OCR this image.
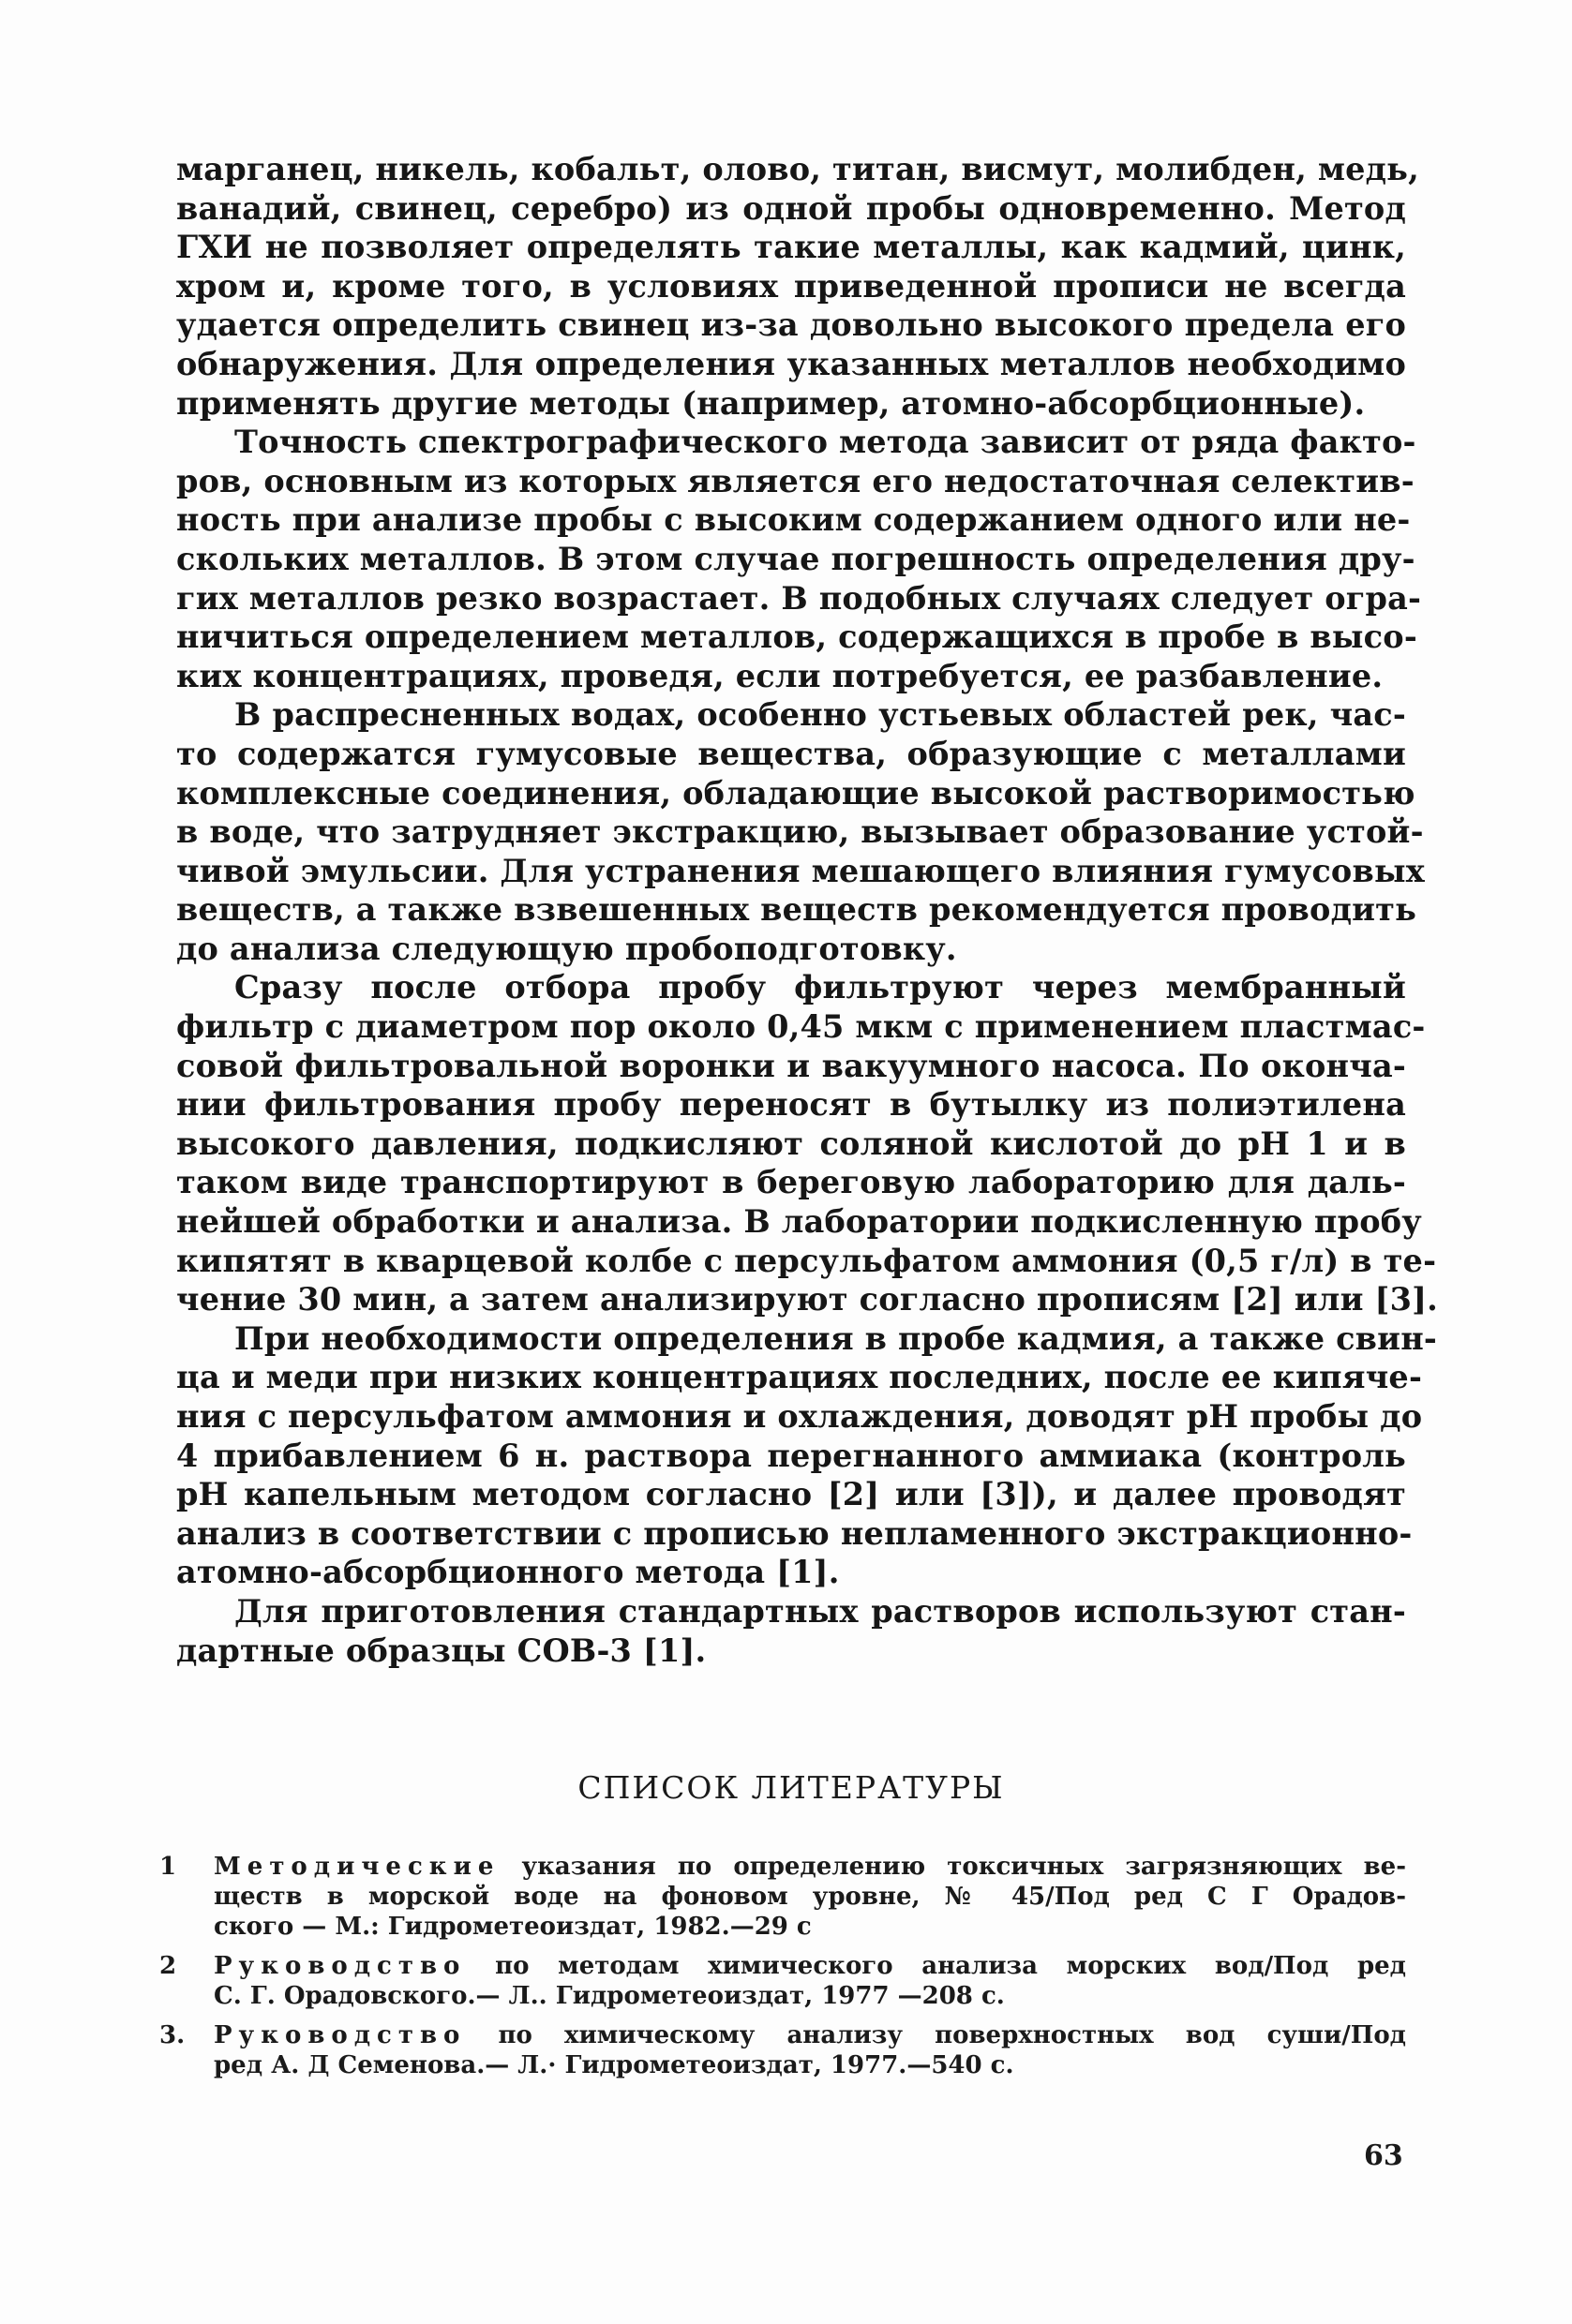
марганец, никель, кобальт, олово, титан, висмут, молибден, медь,
ванадий, свинец, серебро) из одной пробы одновременно. Метод
ГХИ не позволяет определять такие металлы, как кадмий, цинк,
хром и, кроме того, в условиях приведенной прописи не всегда
удается определить свинец из-за довольно высокого предела его
обнаружения. Для определения указанных металлов необходимо
применять другие методы (например, атомно-абсорбционные).

Точность спектрографического метода зависит от ряда факто-
ров, основным из которых является его недостаточная селектив-
ность при анализе пробы с высоким содержанием одного или не-
скольких металлов. В этом случае погрешность определения дру-
гих металлов резко возрастает. В подобных случаях следует огра-
ничиться определением металлов, содержащихся в пробе в высо-
ких концентрациях, проведя, если потребуется, ее разбавление.

В распресненных водах, особенно устьевых областей рек, час-
то содержатся гумусовые вещества, образующие с металлами
комплексные соединения, обладающие высокой растворимостью
в воде, что затрудняет экстракцию, вызывает образование устой-
чивой эмульсии. Для устранения мешающего влияния гумусовых
веществ, а также взвешенных веществ рекомендуется проводить
до анализа следующую пробоподготовку.

Сразу после отбора пробу фильтруют через мембранный
фильтр с диаметром пор около 0,45 мкм с применением пластмас-
совой фильтровальной воронки и вакуумного насоса. По оконча-
нии фильтрования пробу переносят в бутылку из полиэтилена
высокого давления, подкисляют соляной кислотой до рН 1 и в
таком виде транспортируют в береговую лабораторию для даль-
нейшей обработки и анализа. В лаборатории подкисленную пробу
кипятят в кварцевой колбе с персульфатом аммония (0,5 г/л) в те-
чение 30 мин, а затем анализируют согласно прописям [2] или [3].

При необходимости определения в пробе кадмия, а также свин-
ца и меди при низких концентрациях последних, после ее кипяче-
ния с персульфатом аммония и охлаждения, доводят рН пробы до
4 прибавлением 6 н. раствора перегнанного аммиака (контроль
рН капельным методом согласно [2] или [3]), и далее проводят
анализ в соответствии с прописью непламенного экстракционно-
атомно-абсорбционного метода [1].

Для приготовления стандартных растворов используют стан-
дартные образцы СОВ-3 [1].

СПИСОК ЛИТЕРАТУРЫ
1	Методические указания по определению токсичных загрязняющих ве-
ществ в морской воде на фоновом уровне, № 45/Под ред С Г Орадов-
ского — М.: Гидрометеоиздат, 1982.—29 с
2	Руководство по методам химического анализа морских вод/Под ред
С. Г. Орадовского.— Л.. Гидрометеоиздат, 1977 —208 с.
3.	Руководство по химическому анализу поверхностных вод суши/Под
ред А. Д Семенова.— Л.· Гидрометеоиздат, 1977.—540 с.
63
